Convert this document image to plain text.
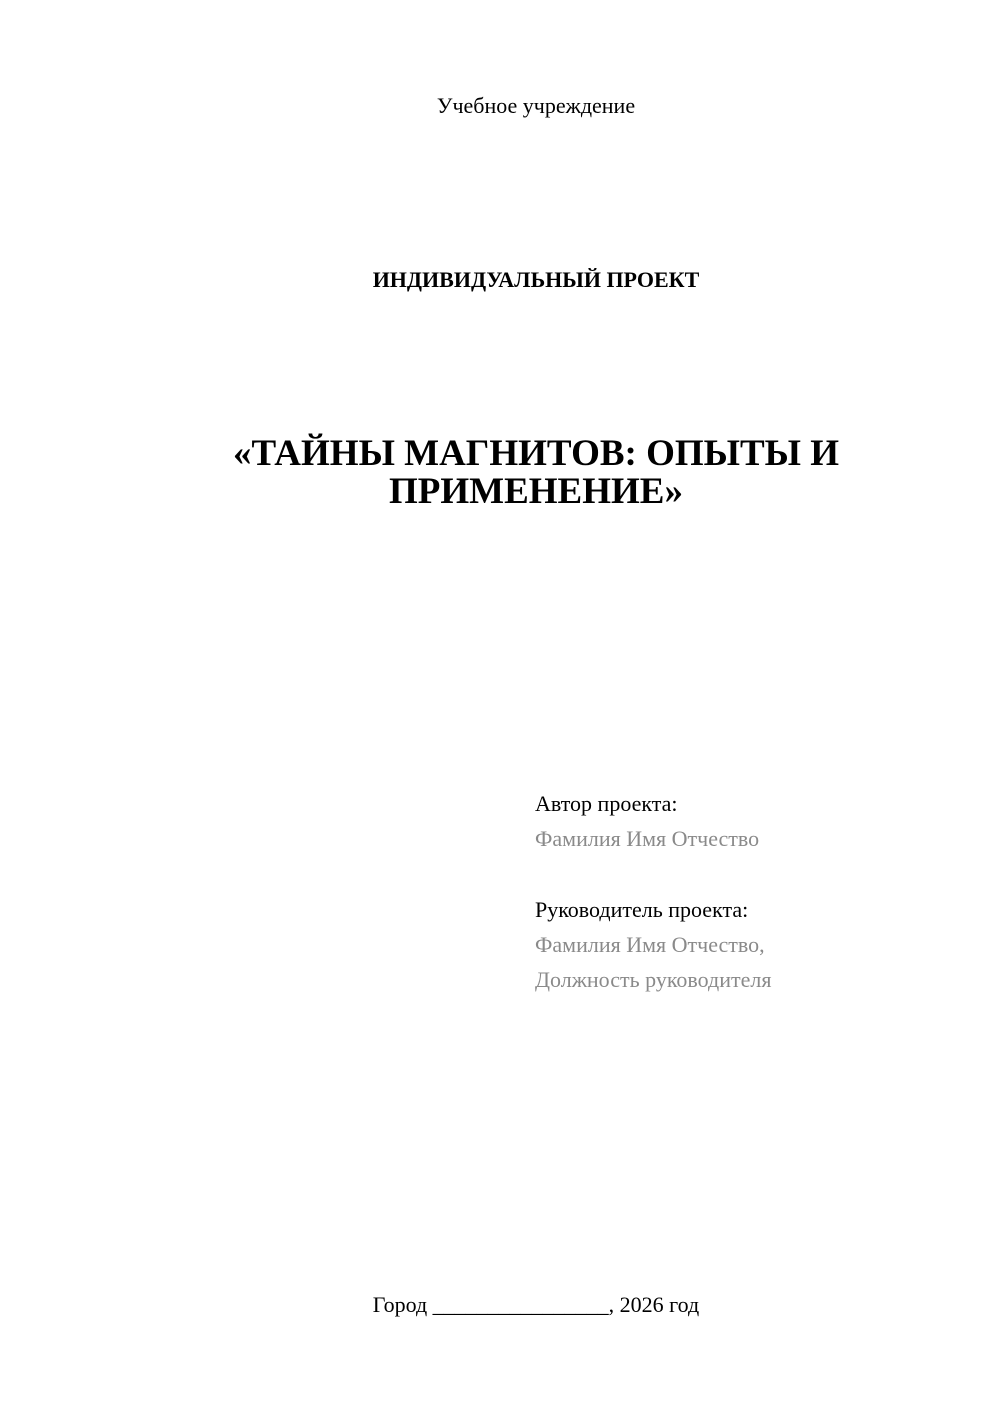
Учебное учреждение
ИНДИВИДУАЛЬНЫЙ ПРОЕКТ
«ТАЙНЫ МАГНИТОВ: ОПЫТЫ И
ПРИМЕНЕНИЕ»
Автор проекта:
Фамилия Имя Отчество
Руководитель проекта:
Фамилия Имя Отчество,
Должность руководителя
Город ________________, 2026 год
